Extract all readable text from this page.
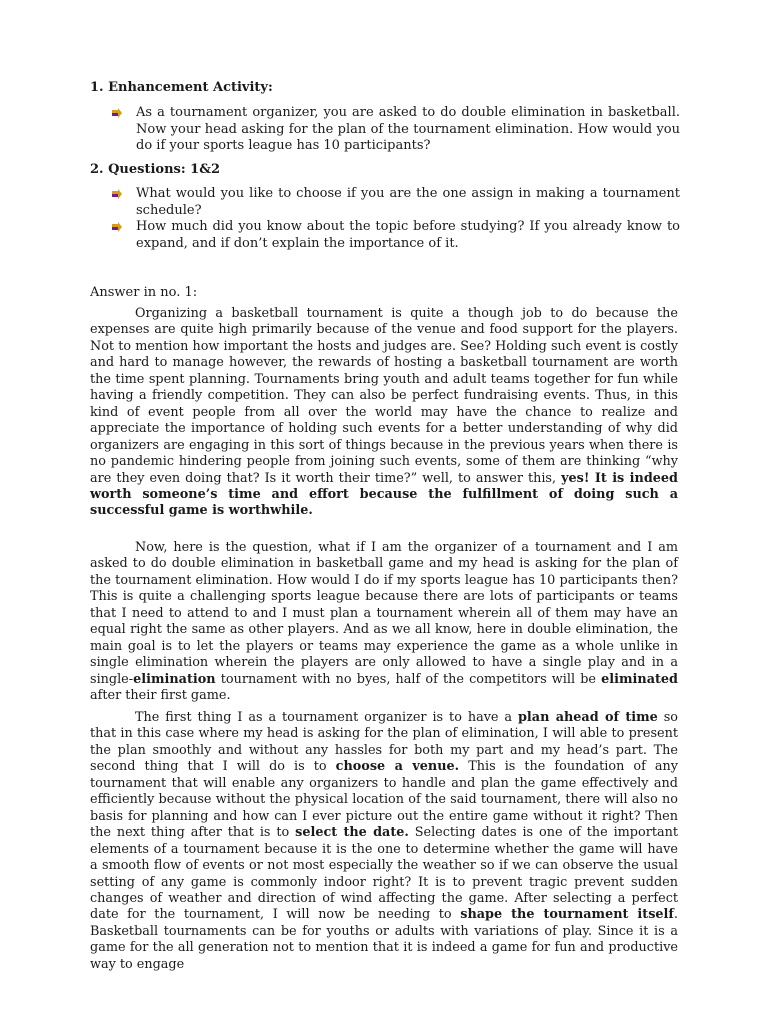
1. Enhancement Activity:
As a tournament organizer, you are asked to do double elimination in basketball. Now your head asking for the plan of the tournament elimination. How would you do if your sports league has 10 participants?
2. Questions: 1&2
What would you like to choose if you are the one assign in making a tournament schedule?
How much did you know about the topic before studying? If you already know to expand, and if don’t explain the importance of it.

Answer in no. 1:

Organizing a basketball tournament is quite a though job to do because the expenses are quite high primarily because of the venue and food support for the players. Not to mention how important the hosts and judges are. See? Holding such event is costly and hard to manage however, the rewards of hosting a basketball tournament are worth the time spent planning. Tournaments bring youth and adult teams together for fun while having a friendly competition. They can also be perfect fundraising events. Thus, in this kind of event people from all over the world may have the chance to realize and appreciate the importance of holding such events for a better understanding of why did organizers are engaging in this sort of things because in the previous years when there is no pandemic hindering people from joining such events, some of them are thinking “why are they even doing that? Is it worth their time?” well, to answer this, yes! It is indeed worth someone’s time and effort because the fulfillment of doing such a successful game is worthwhile.

Now, here is the question, what if I am the organizer of a tournament and I am asked to do double elimination in basketball game and my head is asking for the plan of the tournament elimination. How would I do if my sports league has 10 participants then? This is quite a challenging sports league because there are lots of participants or teams that I need to attend to and I must plan a tournament wherein all of them may have an equal right the same as other players. And as we all know, here in double elimination, the main goal is to let the players or teams may experience the game as a whole unlike in single elimination wherein the players are only allowed to have a single play and in a single-elimination tournament with no byes, half of the competitors will be eliminated after their first game.

The first thing I as a tournament organizer is to have a plan ahead of time so that in this case where my head is asking for the plan of elimination, I will able to present the plan smoothly and without any hassles for both my part and my head’s part. The second thing that I will do is to choose a venue. This is the foundation of any tournament that will enable any organizers to handle and plan the game effectively and efficiently because without the physical location of the said tournament, there will also no basis for planning and how can I ever picture out the entire game without it right? Then the next thing after that is to select the date. Selecting dates is one of the important elements of a tournament because it is the one to determine whether the game will have a smooth flow of events or not most especially the weather so if we can observe the usual setting of any game is commonly indoor right? It is to prevent tragic prevent sudden changes of weather and direction of wind affecting the game. After selecting a perfect date for the tournament, I will now be needing to shape the tournament itself. Basketball tournaments can be for youths or adults with variations of play. Since it is a game for the all generation not to mention that it is indeed a game for fun and productive way to engage
